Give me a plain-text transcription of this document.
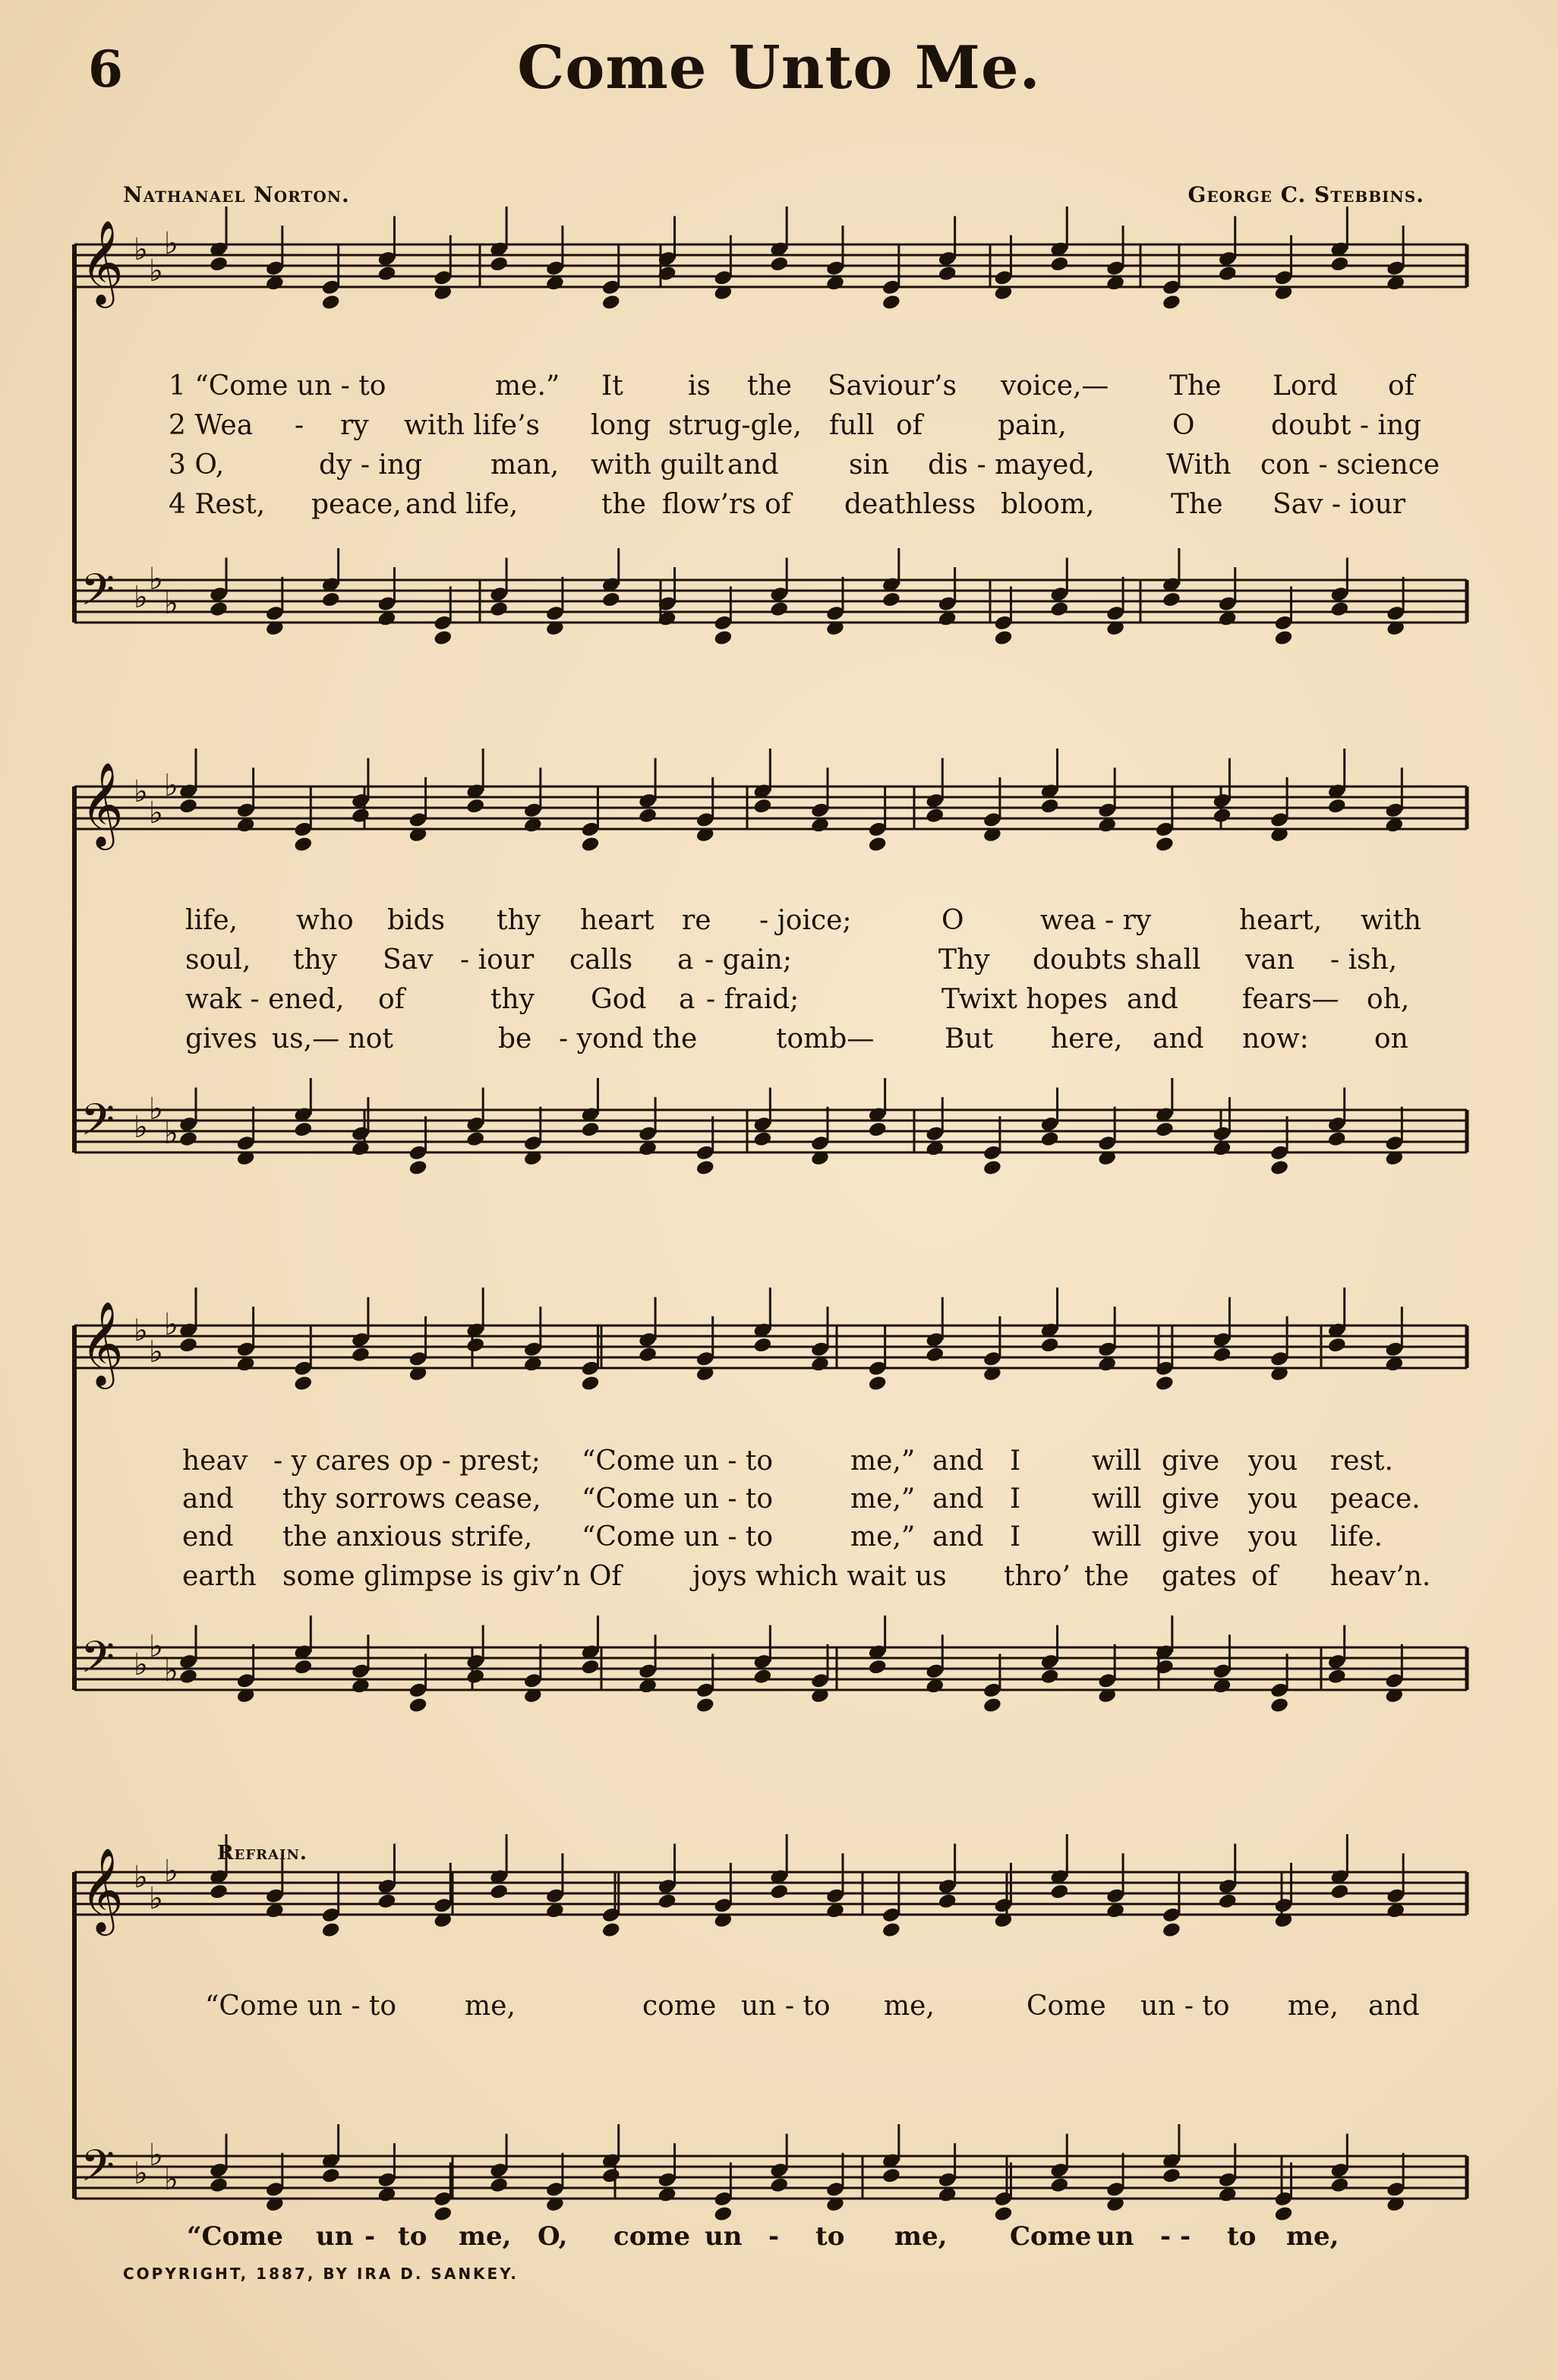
6	Come Unto Me.
Nathanael Norton.	George C. Stebbins.
𝄞 ♭
♭
♭
𝄢 ♭
♭
♭
𝄞 ♭
♭
♭
𝄢 ♭
♭
♭
𝄞 ♭
♭
♭
𝄢 ♭
♭
♭
𝄞 ♭
♭
♭
𝄢 ♭
♭
♭
1 “Come un - to	me.” It is the Saviour’s voice,— The Lord of
2 Wea - ry with life’s long strug-gle, full of	pain,	O	doubt - ing
3 O,	dy - ing man, with guilt and	sin dis - mayed,	With con - science
4 Rest, peace, and life,	the flow’rs of deathless bloom,	The Sav - iour
life, who bids thy heart re - joice;	O	wea - ry	heart, with
soul, thy Sav - iour calls a - gain;	Thy doubts shall van - ish,
wak - ened, of	thy God a - fraid;	Twixt hopes and fears— oh,
gives us,— not	be - yond the	tomb—	But here, and now: on
heav - y cares op - prest; “Come un - to	me,” and I	will give you rest.
and thy sorrows cease, “Come un - to	me,” and I	will give you peace.
end the anxious strife, “Come un - to	me,” and I	will give you life.
earth some glimpse is giv’n Of	joys which wait us thro’ the gates of heav’n.
Refrain.
“Come un - to me,	come un - to me,	Come un - to me, and
“Come un - to me, O, come un - to me, Come un - - to me,
COPYRIGHT, 1887, BY IRA D. SANKEY.
